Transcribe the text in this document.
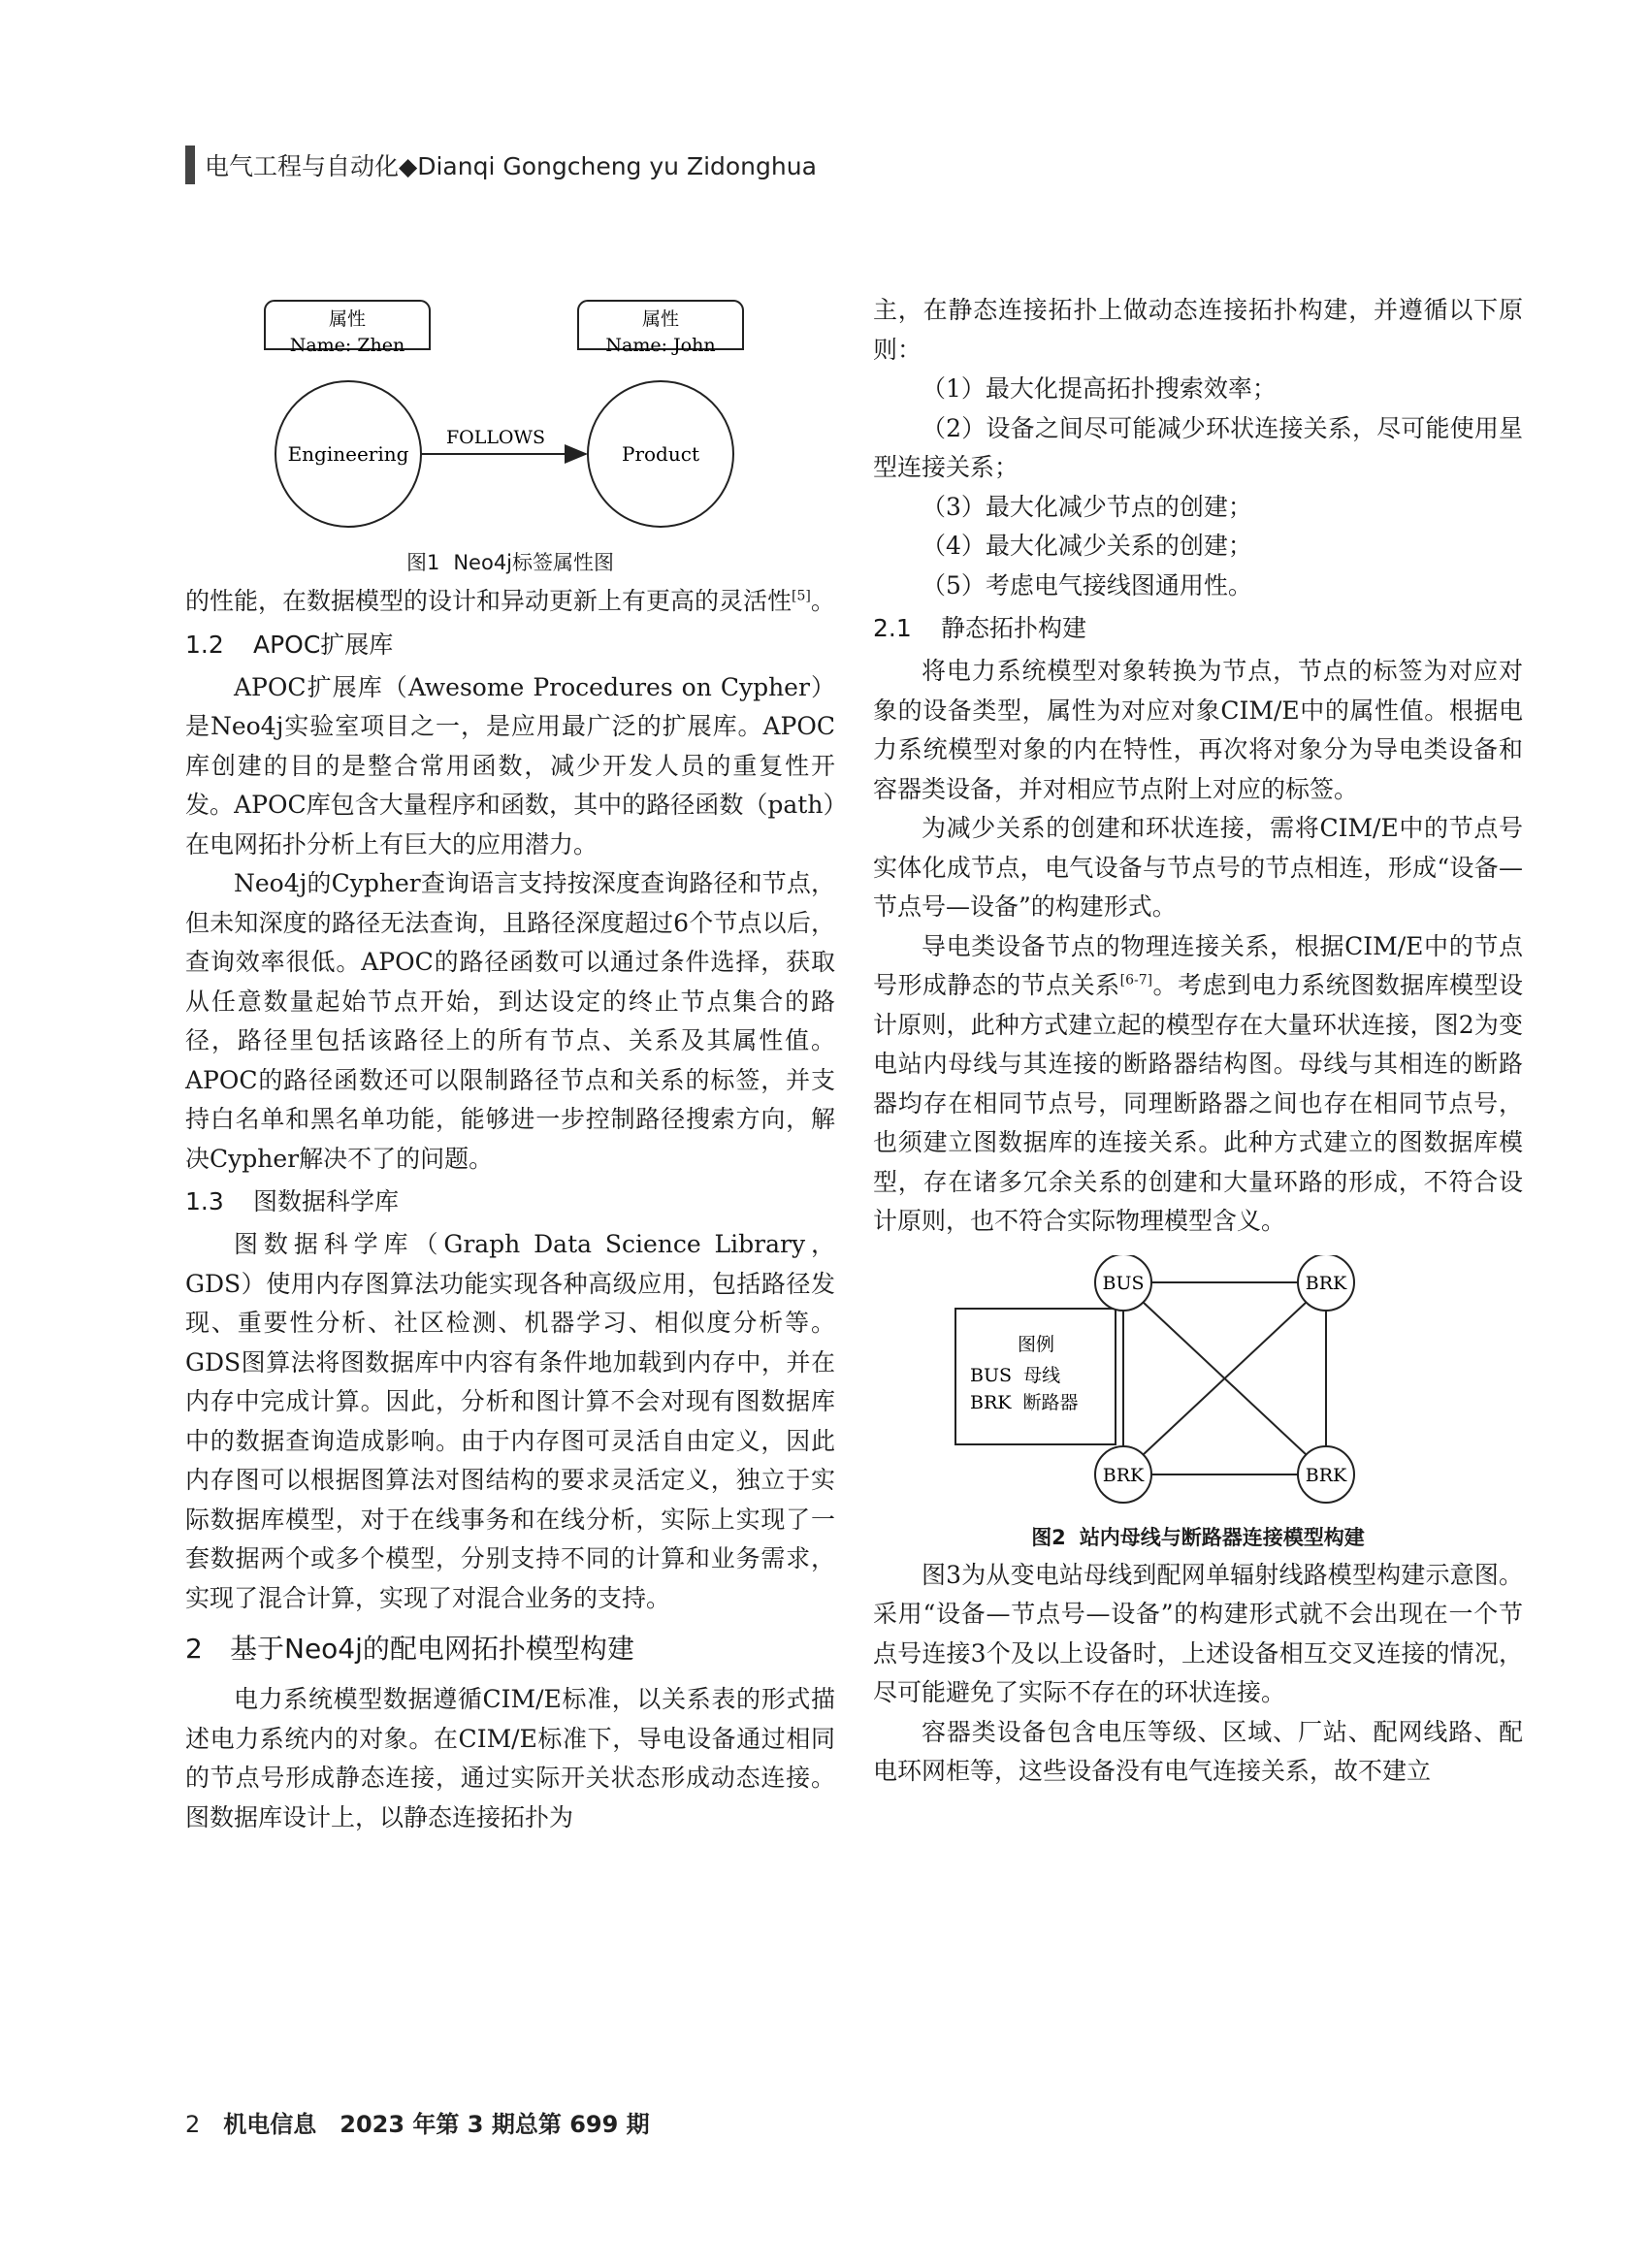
电气工程与自动化◆Dianqi Gongcheng yu Zidonghua
属性
Name: Zhen
属性
Name: John
Engineering	Product
FOLLOWS
图1 Neo4j标签属性图

的性能，在数据模型的设计和异动更新上有更高的灵活性[5]。

1.2 APOC扩展库

APOC扩展库（Awesome Procedures on Cypher）是Neo4j实验室项目之一，是应用最广泛的扩展库。APOC库创建的目的是整合常用函数，减少开发人员的重复性开发。APOC库包含大量程序和函数，其中的路径函数（path）在电网拓扑分析上有巨大的应用潜力。

Neo4j的Cypher查询语言支持按深度查询路径和节点，但未知深度的路径无法查询，且路径深度超过6个节点以后，查询效率很低。APOC的路径函数可以通过条件选择，获取从任意数量起始节点开始，到达设定的终止节点集合的路径，路径里包括该路径上的所有节点、关系及其属性值。APOC的路径函数还可以限制路径节点和关系的标签，并支持白名单和黑名单功能，能够进一步控制路径搜索方向，解决Cypher解决不了的问题。

1.3 图数据科学库

图数据科学库（Graph Data Science Library，GDS）使用内存图算法功能实现各种高级应用，包括路径发现、重要性分析、社区检测、机器学习、相似度分析等。GDS图算法将图数据库中内容有条件地加载到内存中，并在内存中完成计算。因此，分析和图计算不会对现有图数据库中的数据查询造成影响。由于内存图可灵活自由定义，因此内存图可以根据图算法对图结构的要求灵活定义，独立于实际数据库模型，对于在线事务和在线分析，实际上实现了一套数据两个或多个模型，分别支持不同的计算和业务需求，实现了混合计算，实现了对混合业务的支持。

2 基于Neo4j的配电网拓扑模型构建

电力系统模型数据遵循CIM/E标准，以关系表的形式描述电力系统内的对象。在CIM/E标准下，导电设备通过相同的节点号形成静态连接，通过实际开关状态形成动态连接。图数据库设计上，以静态连接拓扑为

主，在静态连接拓扑上做动态连接拓扑构建，并遵循以下原则：

（1）最大化提高拓扑搜索效率；

（2）设备之间尽可能减少环状连接关系，尽可能使用星型连接关系；

（3）最大化减少节点的创建；

（4）最大化减少关系的创建；

（5）考虑电气接线图通用性。

2.1 静态拓扑构建

将电力系统模型对象转换为节点，节点的标签为对应对象的设备类型，属性为对应对象CIM/E中的属性值。根据电力系统模型对象的内在特性，再次将对象分为导电类设备和容器类设备，并对相应节点附上对应的标签。

为减少关系的创建和环状连接，需将CIM/E中的节点号实体化成节点，电气设备与节点号的节点相连，形成“设备—节点号—设备”的构建形式。

导电类设备节点的物理连接关系，根据CIM/E中的节点号形成静态的节点关系[6-7]。考虑到电力系统图数据库模型设计原则，此种方式建立起的模型存在大量环状连接，图2为变电站内母线与其连接的断路器结构图。母线与其相连的断路器均存在相同节点号，同理断路器之间也存在相同节点号，也须建立图数据库的连接关系。此种方式建立的图数据库模型，存在诸多冗余关系的创建和大量环路的形成，不符合设计原则，也不符合实际物理模型含义。

图例
BUS  母线
BRK  断路器
BUS	BRK
BRK	BRK
图2 站内母线与断路器连接模型构建

图3为从变电站母线到配网单辐射线路模型构建示意图。采用“设备—节点号—设备”的构建形式就不会出现在一个节点号连接3个及以上设备时，上述设备相互交叉连接的情况，尽可能避免了实际不存在的环状连接。

容器类设备包含电压等级、区域、厂站、配网线路、配电环网柜等，这些设备没有电气连接关系，故不建立

2 机电信息 2023 年第 3 期总第 699 期
